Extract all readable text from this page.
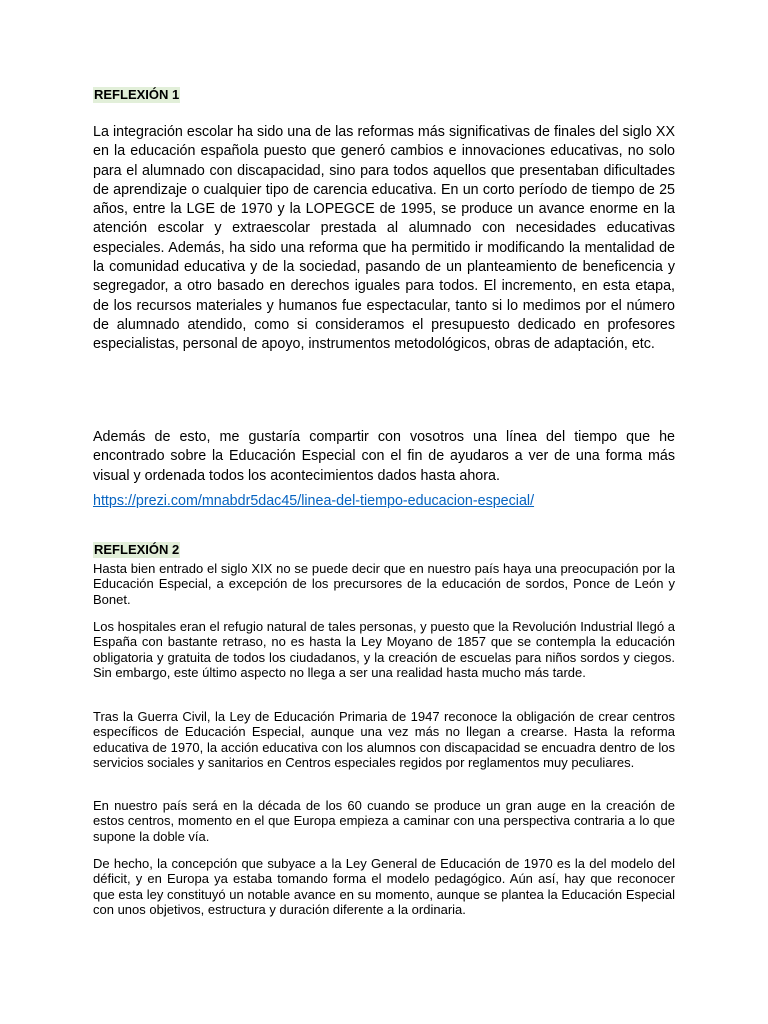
REFLEXIÓN 1

La integración escolar ha sido una de las reformas más significativas de finales del siglo XX en la educación española puesto que generó cambios e innovaciones educativas, no solo para el alumnado con discapacidad, sino para todos aquellos que presentaban dificultades de aprendizaje o cualquier tipo de carencia educativa. En un corto período de tiempo de 25 años, entre la LGE de 1970 y la LOPEGCE de 1995, se produce un avance enorme en la atención escolar y extraescolar prestada al alumnado con necesidades educativas especiales. Además, ha sido una reforma que ha permitido ir modificando la mentalidad de la comunidad educativa y de la sociedad, pasando de un planteamiento de beneficencia y segregador, a otro basado en derechos iguales para todos. El incremento, en esta etapa, de los recursos materiales y humanos fue espectacular, tanto si lo medimos por el número de alumnado atendido, como si consideramos el presupuesto dedicado en profesores especialistas, personal de apoyo, instrumentos metodológicos, obras de adaptación, etc.

Además de esto, me gustaría compartir con vosotros una línea del tiempo que he encontrado sobre la Educación Especial con el fin de ayudaros a ver de una forma más visual y ordenada todos los acontecimientos dados hasta ahora.

https://prezi.com/mnabdr5dac45/linea-del-tiempo-educacion-especial/
REFLEXIÓN 2

Hasta bien entrado el siglo XIX no se puede decir que en nuestro país haya una preocupación por la Educación Especial, a excepción de los precursores de la educación de sordos, Ponce de León y Bonet.

Los hospitales eran el refugio natural de tales personas, y puesto que la Revolución Industrial llegó a España con bastante retraso, no es hasta la Ley Moyano de 1857 que se contempla la educación obligatoria y gratuita de todos los ciudadanos, y la creación de escuelas para niños sordos y ciegos. Sin embargo, este último aspecto no llega a ser una realidad hasta mucho más tarde.

Tras la Guerra Civil, la Ley de Educación Primaria de 1947 reconoce la obligación de crear centros específicos de Educación Especial, aunque una vez más no llegan a crearse. Hasta la reforma educativa de 1970, la acción educativa con los alumnos con discapacidad se encuadra dentro de los servicios sociales y sanitarios en Centros especiales regidos por reglamentos muy peculiares.

En nuestro país será en la década de los 60 cuando se produce un gran auge en la creación de estos centros, momento en el que Europa empieza a caminar con una perspectiva contraria a lo que supone la doble vía.

De hecho, la concepción que subyace a la Ley General de Educación de 1970 es la del modelo del déficit, y en Europa ya estaba tomando forma el modelo pedagógico. Aún así, hay que reconocer que esta ley constituyó un notable avance en su momento, aunque se plantea la Educación Especial con unos objetivos, estructura y duración diferente a la ordinaria.
